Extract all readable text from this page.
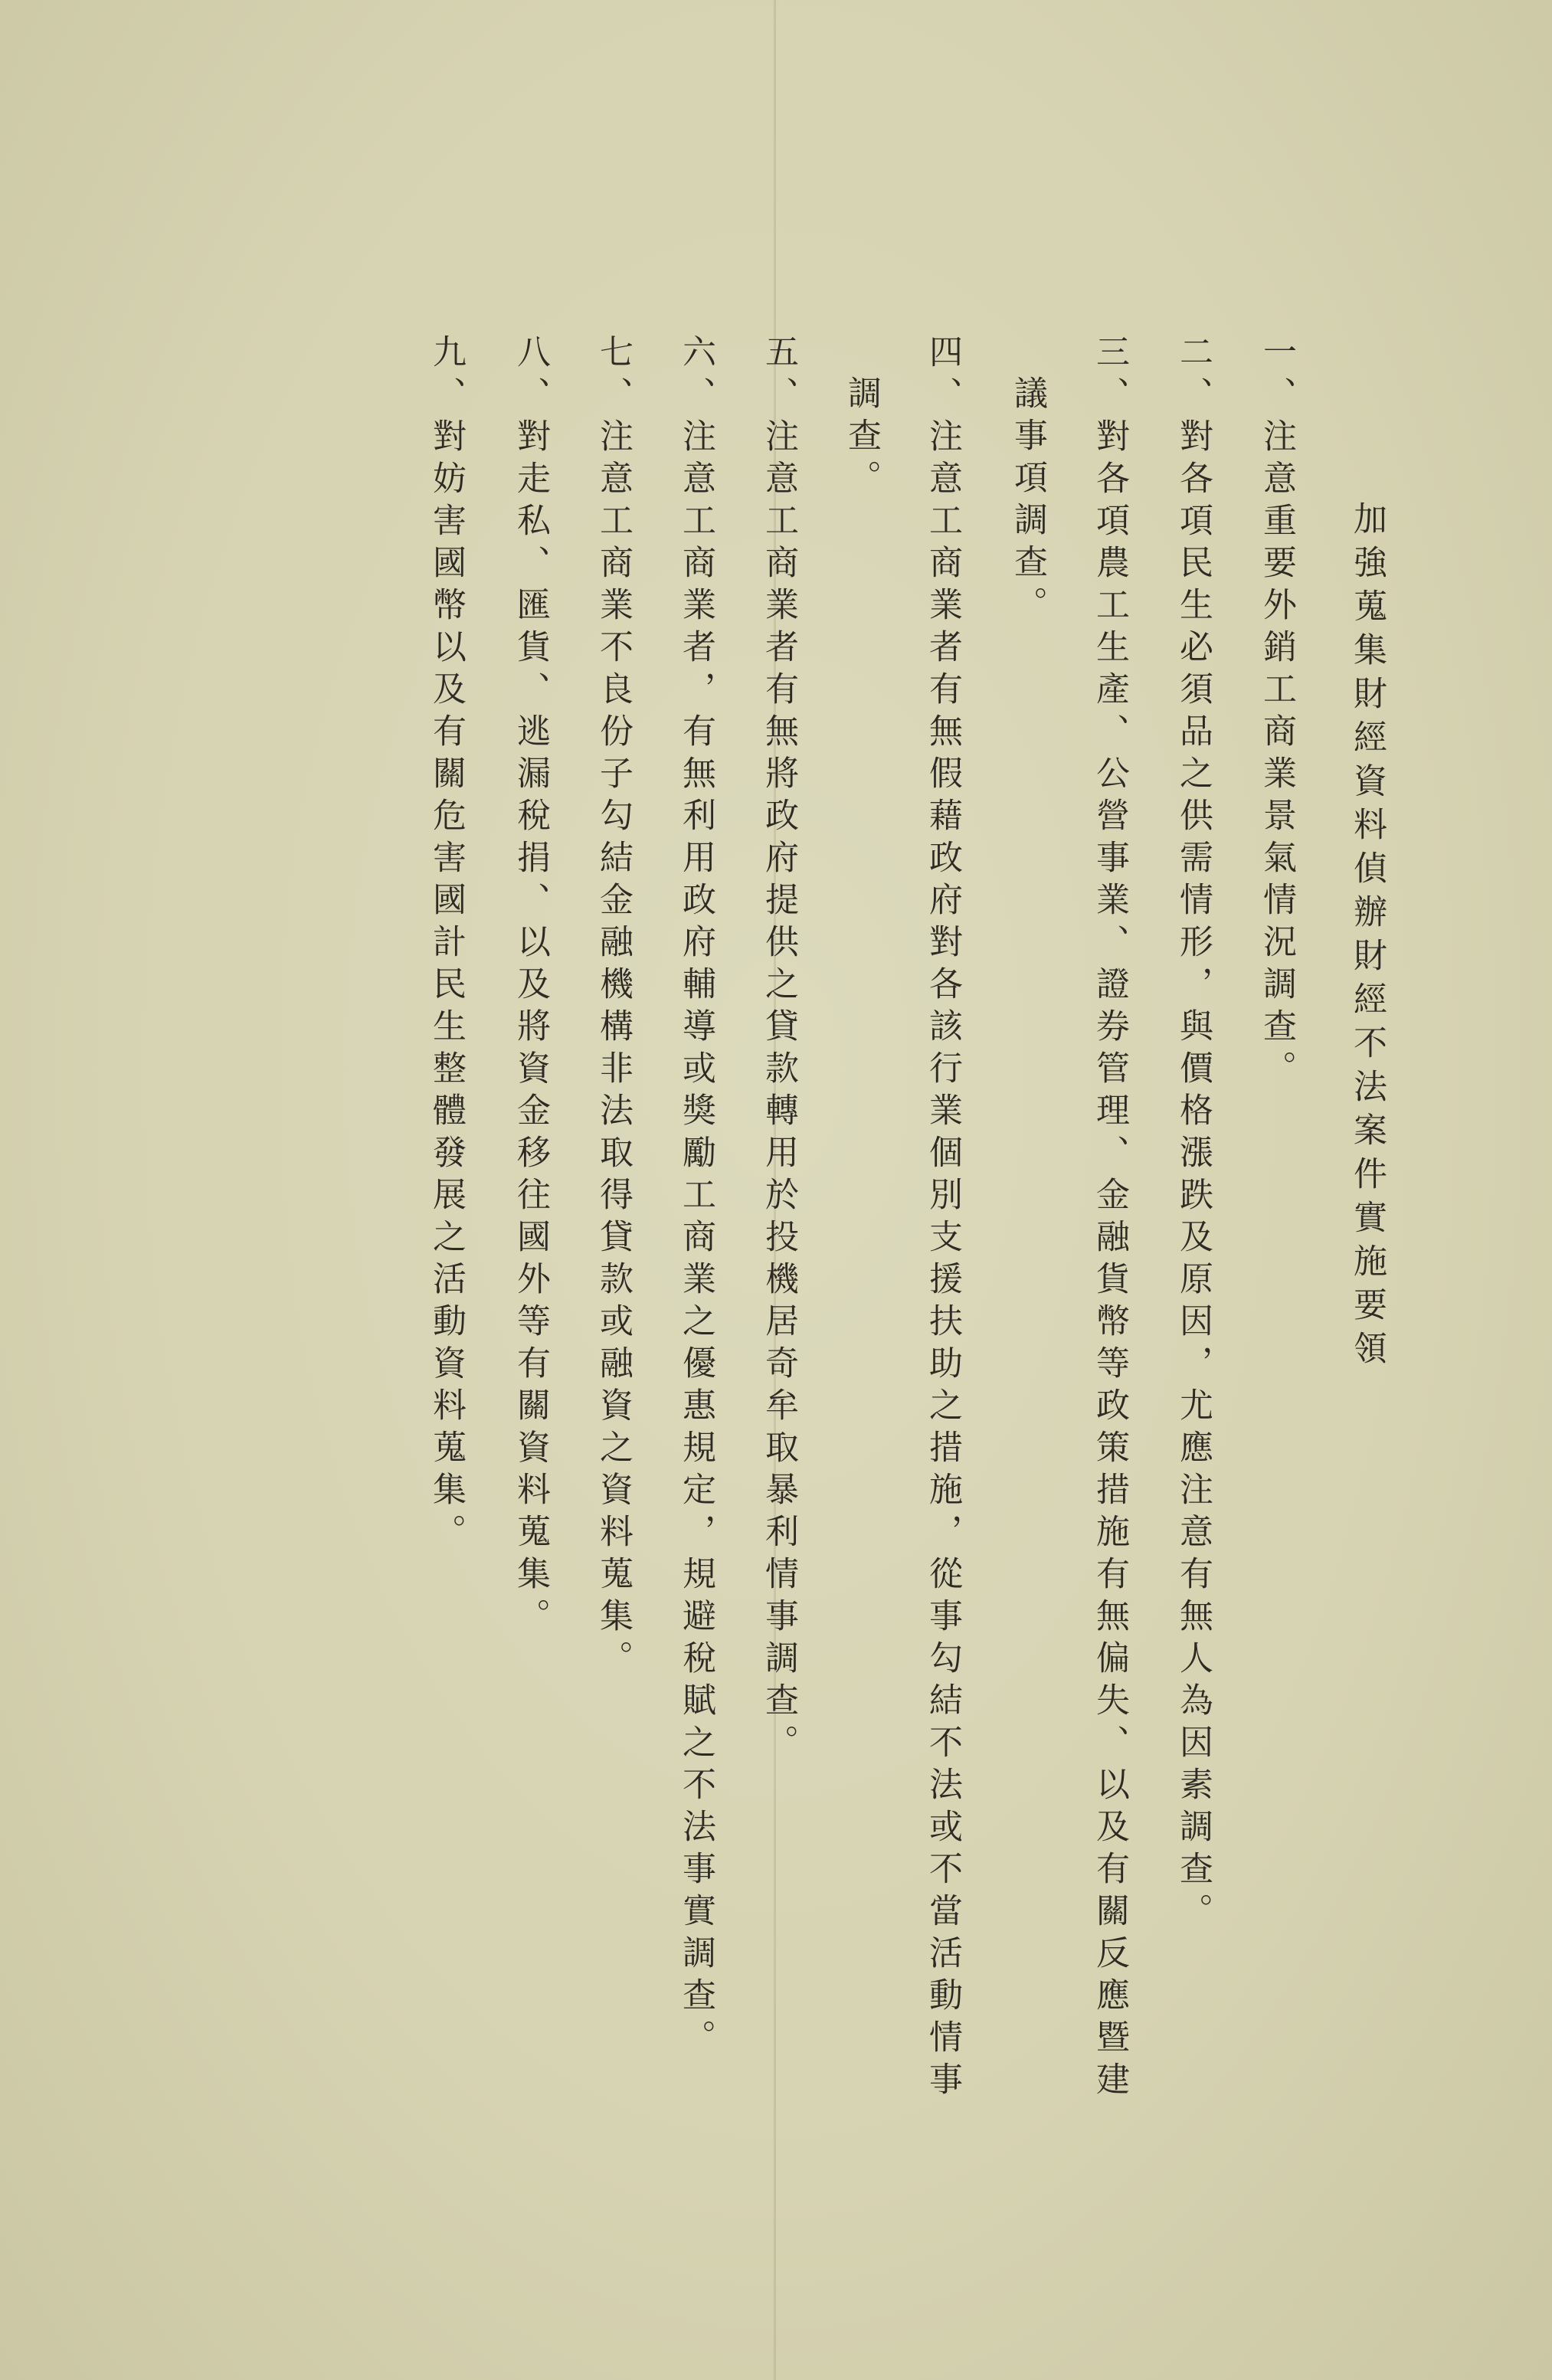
加強蒐集財經資料偵辦財經不法案件實施要領
一、注意重要外銷工商業景氣情況調查。
二、對各項民生必須品之供需情形，與價格漲跌及原因，尤應注意有無人為因素調查。
三、對各項農工生產、公營事業、證券管理、金融貨幣等政策措施有無偏失、以及有關反應暨建
議事項調查。
四、注意工商業者有無假藉政府對各該行業個別支援扶助之措施，從事勾結不法或不當活動情事
調查。
五、注意工商業者有無將政府提供之貸款轉用於投機居奇牟取暴利情事調查。
六、注意工商業者，有無利用政府輔導或獎勵工商業之優惠規定，規避稅賦之不法事實調查。
七、注意工商業不良份子勾結金融機構非法取得貸款或融資之資料蒐集。
八、對走私、匯貨、逃漏稅捐、以及將資金移往國外等有關資料蒐集。
九、對妨害國幣以及有關危害國計民生整體發展之活動資料蒐集。
